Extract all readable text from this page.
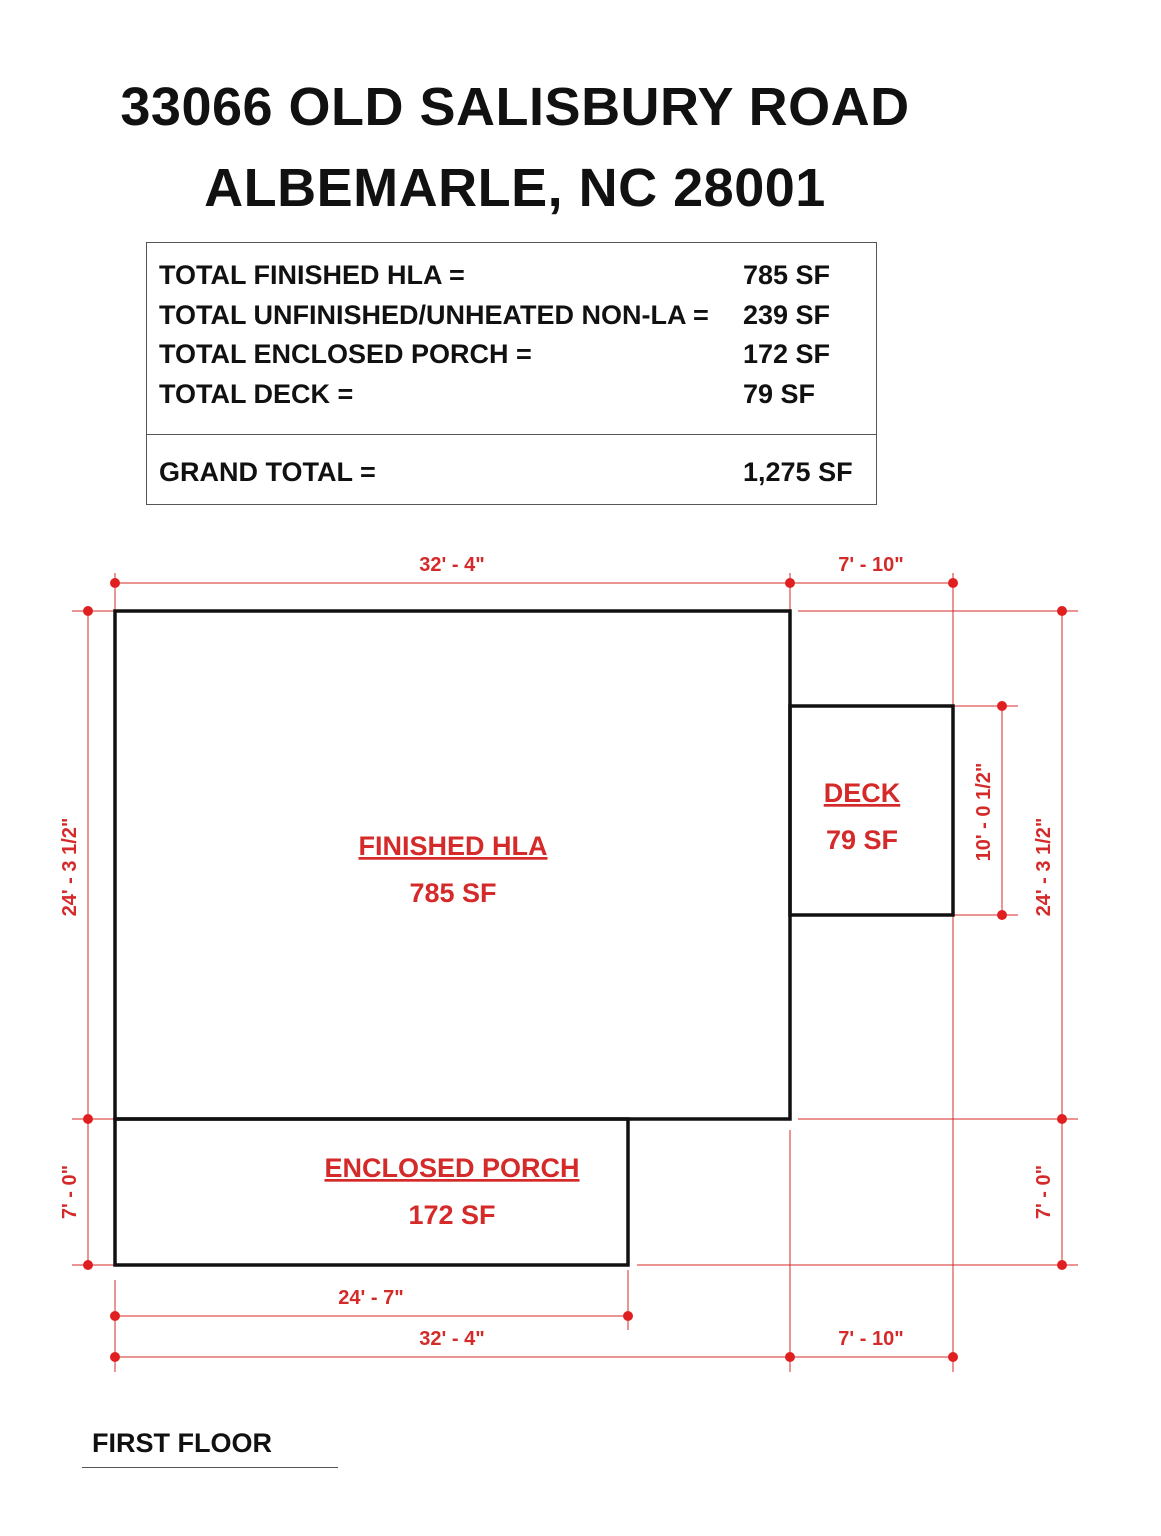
33066 OLD SALISBURY ROAD
ALBEMARLE, NC 28001
TOTAL FINISHED HLA =	785 SF
TOTAL UNFINISHED/UNHEATED NON-LA = 239 SF
TOTAL ENCLOSED PORCH =	172 SF
TOTAL DECK =	79 SF
GRAND TOTAL =	1,275 SF
FINISHED HLA
785 SF
DECK
79 SF
ENCLOSED PORCH
172 SF
32' - 4"	7' - 10"
24' - 3 1/2"
7' - 0"
10' - 0 1/2"
24' - 3 1/2"
7' - 0"
24' - 7"
32' - 4"	7' - 10"
FIRST FLOOR
